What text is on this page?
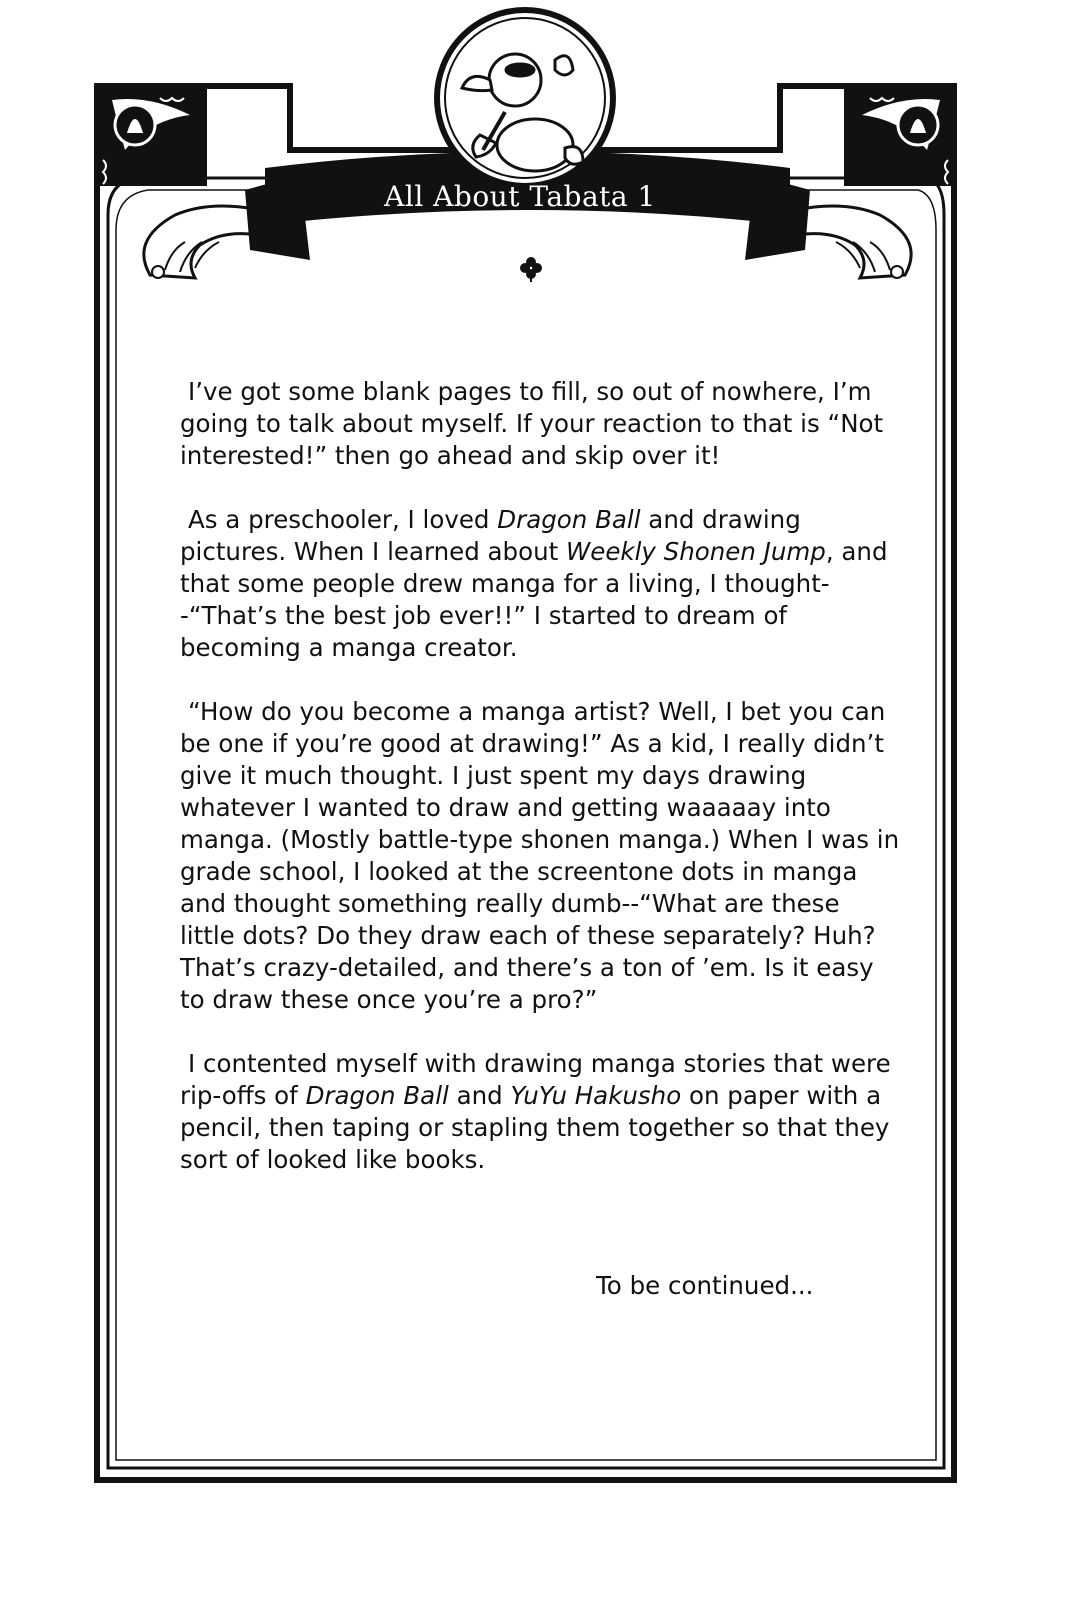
All About Tabata 1

I’ve got some blank pages to fill, so out of nowhere, I’m going to talk about myself. If your reaction to that is “Not interested!” then go ahead and skip over it!

As a preschooler, I loved Dragon Ball and drawing pictures. When I learned about Weekly Shonen Jump, and that some people drew manga for a living, I thought--“That’s the best job ever!!” I started to dream of becoming a manga creator.

“How do you become a manga artist? Well, I bet you can be one if you’re good at drawing!” As a kid, I really didn’t give it much thought. I just spent my days drawing whatever I wanted to draw and getting waaaaay into manga. (Mostly battle-type shonen manga.) When I was in grade school, I looked at the screentone dots in manga and thought something really dumb--“What are these little dots? Do they draw each of these separately? Huh? That’s crazy-detailed, and there’s a ton of ’em. Is it easy to draw these once you’re a pro?”

I contented myself with drawing manga stories that were rip-offs of Dragon Ball and YuYu Hakusho on paper with a pencil, then taping or stapling them together so that they sort of looked like books.

To be continued...
